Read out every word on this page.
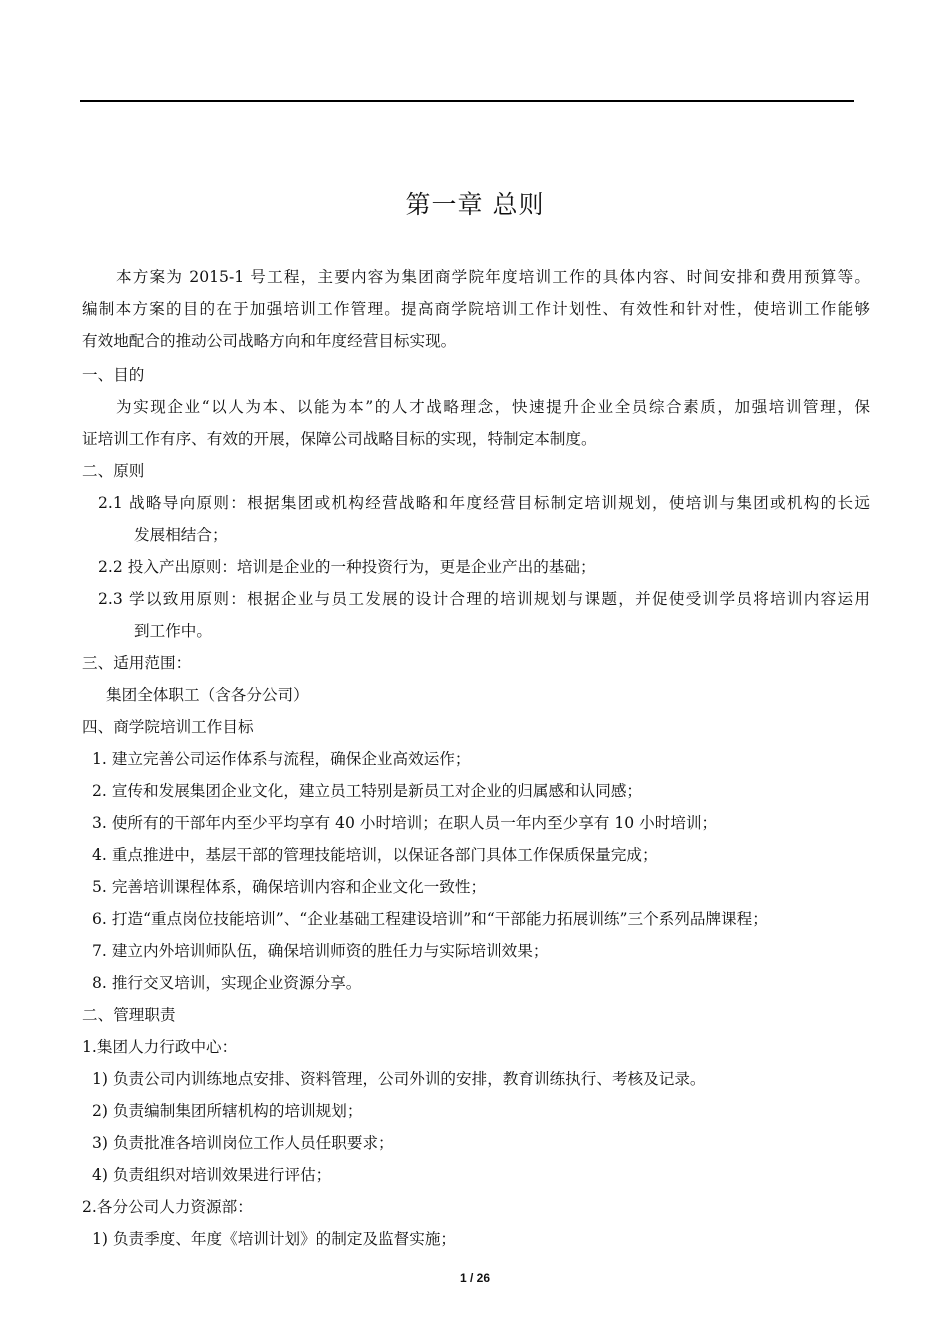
第一章 总则
本方案为 2015-1 号工程，主要内容为集团商学院年度培训工作的具体内容、时间安排和费用预算等。
编制本方案的目的在于加强培训工作管理。提高商学院培训工作计划性、有效性和针对性，使培训工作能够
有效地配合的推动公司战略方向和年度经营目标实现。
一、目的
为实现企业“以人为本、以能为本”的人才战略理念，快速提升企业全员综合素质，加强培训管理，保
证培训工作有序、有效的开展，保障公司战略目标的实现，特制定本制度。
二、原则
2.1 战略导向原则：根据集团或机构经营战略和年度经营目标制定培训规划，使培训与集团或机构的长远
发展相结合；
2.2 投入产出原则：培训是企业的一种投资行为，更是企业产出的基础；
2.3 学以致用原则：根据企业与员工发展的设计合理的培训规划与课题，并促使受训学员将培训内容运用
到工作中。
三、适用范围：
集团全体职工（含各分公司）
四、商学院培训工作目标
1. 建立完善公司运作体系与流程，确保企业高效运作；
2. 宣传和发展集团企业文化，建立员工特别是新员工对企业的归属感和认同感；
3. 使所有的干部年内至少平均享有 40 小时培训；在职人员一年内至少享有 10 小时培训；
4. 重点推进中，基层干部的管理技能培训，以保证各部门具体工作保质保量完成；
5. 完善培训课程体系，确保培训内容和企业文化一致性；
6. 打造“重点岗位技能培训”、“企业基础工程建设培训”和“干部能力拓展训练”三个系列品牌课程；
7. 建立内外培训师队伍，确保培训师资的胜任力与实际培训效果；
8. 推行交叉培训，实现企业资源分享。
二、管理职责
1.集团人力行政中心：
1) 负责公司内训练地点安排、资料管理，公司外训的安排，教育训练执行、考核及记录。
2) 负责编制集团所辖机构的培训规划；
3) 负责批准各培训岗位工作人员任职要求；
4) 负责组织对培训效果进行评估；
2.各分公司人力资源部：
1) 负责季度、年度《培训计划》的制定及监督实施；
1 / 26
